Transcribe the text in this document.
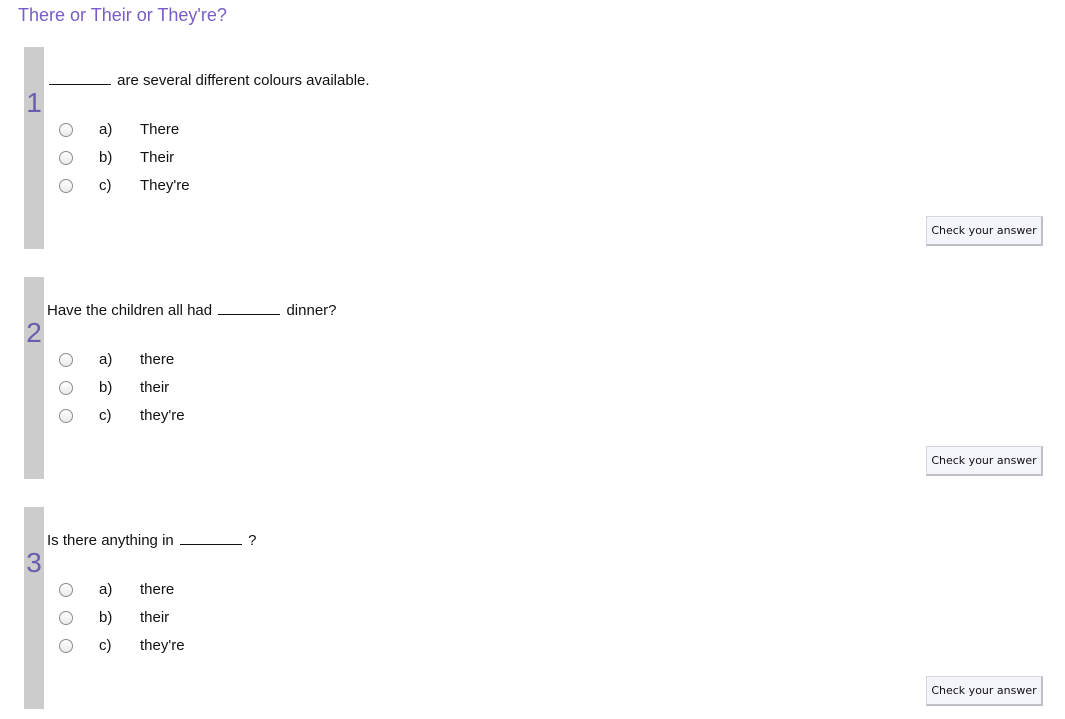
There or Their or They're?
1
are several different colours available.
a) There
b) Their
c) They're
Check your answer
2
Have the children all had	dinner?
a) there
b) their
c) they're
Check your answer
3
Is there anything in	?
a) there
b) their
c) they're
Check your answer
